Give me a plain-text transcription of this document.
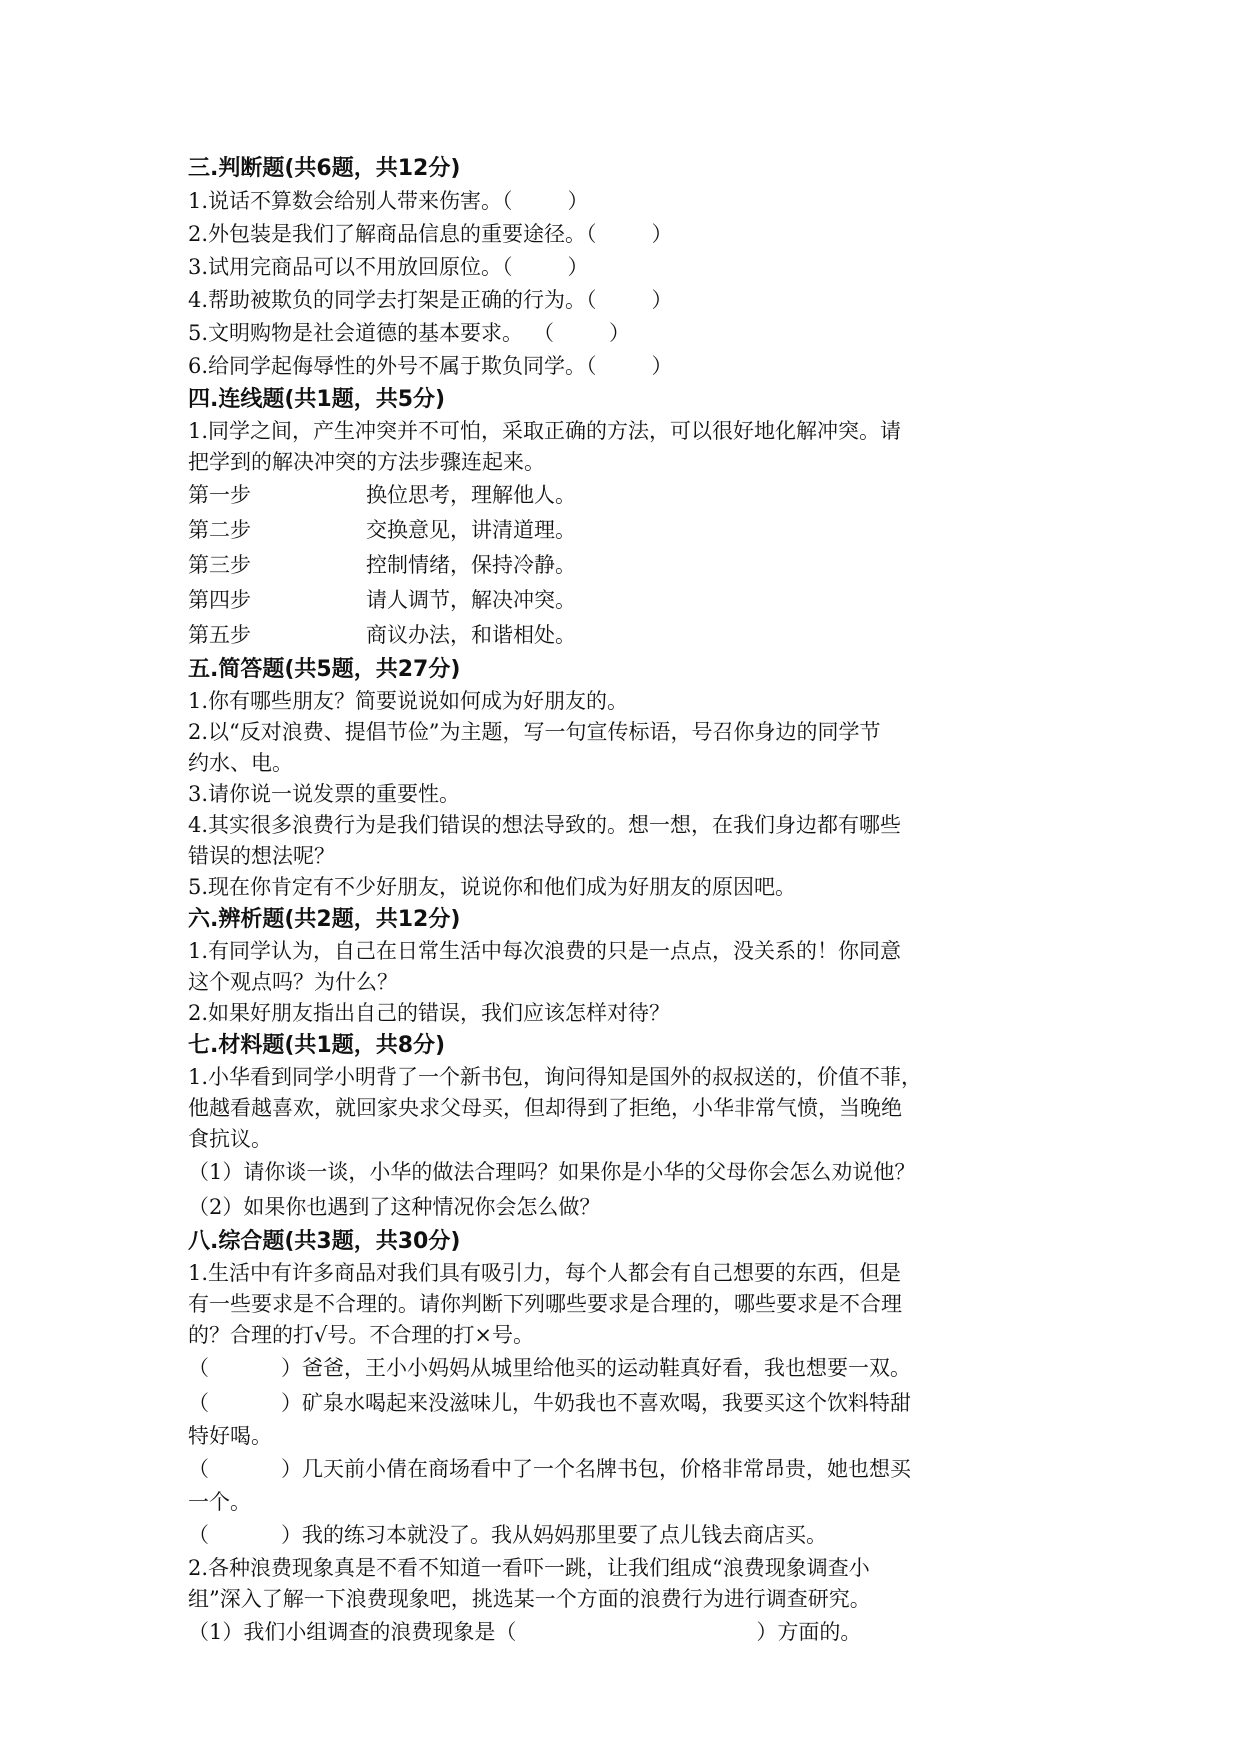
三.判断题(共6题，共12分)
1.说话不算数会给别人带来伤害。（	）
2.外包装是我们了解商品信息的重要途径。（	）
3.试用完商品可以不用放回原位。（	）
4.帮助被欺负的同学去打架是正确的行为。（	）
5.文明购物是社会道德的基本要求。 （	）
6.给同学起侮辱性的外号不属于欺负同学。（	）
四.连线题(共1题，共5分)
1.同学之间，产生冲突并不可怕，采取正确的方法，可以很好地化解冲突。请
把学到的解决冲突的方法步骤连起来。
第一步	换位思考，理解他人。
第二步	交换意见，讲清道理。
第三步	控制情绪，保持冷静。
第四步	请人调节，解决冲突。
第五步	商议办法，和谐相处。
五.简答题(共5题，共27分)
1.你有哪些朋友？简要说说如何成为好朋友的。
2.以“反对浪费、提倡节俭”为主题，写一句宣传标语，号召你身边的同学节
约水、电。
3.请你说一说发票的重要性。
4.其实很多浪费行为是我们错误的想法导致的。想一想，在我们身边都有哪些
错误的想法呢？
5.现在你肯定有不少好朋友，说说你和他们成为好朋友的原因吧。
六.辨析题(共2题，共12分)
1.有同学认为，自己在日常生活中每次浪费的只是一点点，没关系的！你同意
这个观点吗？为什么？
2.如果好朋友指出自己的错误，我们应该怎样对待？
七.材料题(共1题，共8分)
1.小华看到同学小明背了一个新书包，询问得知是国外的叔叔送的，价值不菲，
他越看越喜欢，就回家央求父母买，但却得到了拒绝，小华非常气愤，当晚绝
食抗议。
（1）请你谈一谈，小华的做法合理吗？如果你是小华的父母你会怎么劝说他？
（2）如果你也遇到了这种情况你会怎么做？
八.综合题(共3题，共30分)
1.生活中有许多商品对我们具有吸引力，每个人都会有自己想要的东西，但是
有一些要求是不合理的。请你判断下列哪些要求是合理的，哪些要求是不合理
的？合理的打√号。不合理的打×号。
（	）爸爸，王小小妈妈从城里给他买的运动鞋真好看，我也想要一双。
（	）矿泉水喝起来没滋味儿，牛奶我也不喜欢喝，我要买这个饮料特甜
特好喝。
（	）几天前小倩在商场看中了一个名牌书包，价格非常昂贵，她也想买
一个。
（	）我的练习本就没了。我从妈妈那里要了点儿钱去商店买。
2.各种浪费现象真是不看不知道一看吓一跳，让我们组成“浪费现象调查小
组”深入了解一下浪费现象吧，挑选某一个方面的浪费行为进行调查研究。
（1）我们小组调查的浪费现象是（	）方面的。
